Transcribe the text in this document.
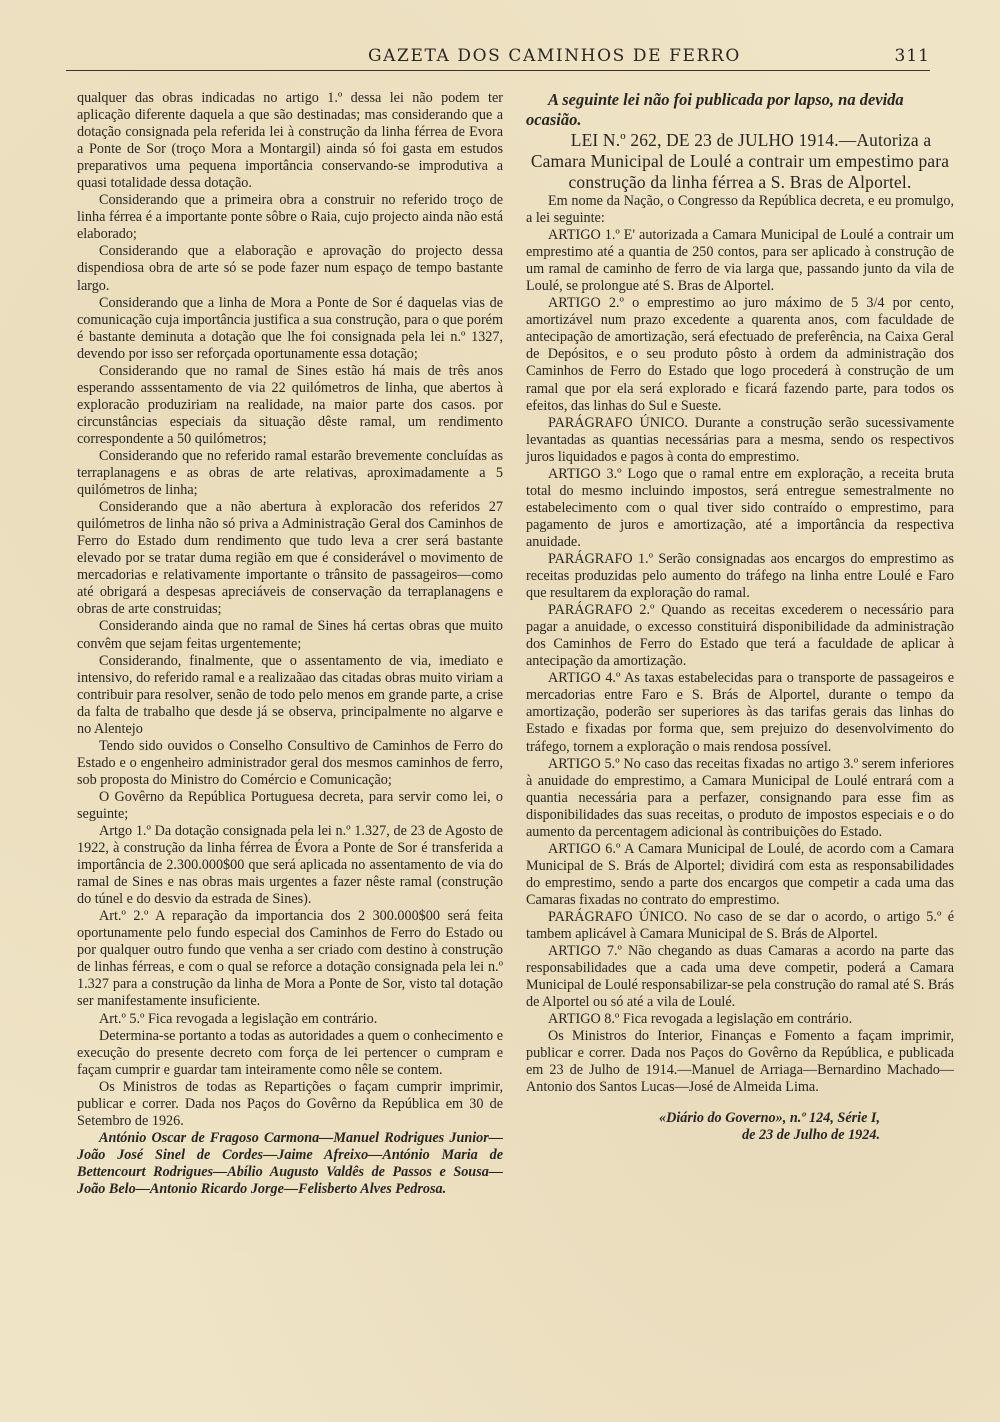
GAZETA DOS CAMINHOS DE FERRO	311

qualquer das obras indicadas no artigo 1.º dessa lei não podem ter aplicação diferente daquela a que são destinadas; mas considerando que a dotação consignada pela referida lei à construção da linha férrea de Evora a Ponte de Sor (troço Mora a Montargil) ainda só foi gasta em estudos preparativos uma pequena importância conservando-se improdutiva a quasi totalidade dessa dotação.

Considerando que a primeira obra a construir no referido troço de linha férrea é a importante ponte sôbre o Raia, cujo projecto ainda não está elaborado;

Considerando que a elaboração e aprovação do projecto dessa dispendiosa obra de arte só se pode fazer num espaço de tempo bastante largo.

Considerando que a linha de Mora a Ponte de Sor é daquelas vias de comunicação cuja importância justifica a sua construção, para o que porém é bastante deminuta a dotação que lhe foi consignada pela lei n.º 1327, devendo por isso ser reforçada oportunamente essa dotação;

Considerando que no ramal de Sines estão há mais de três anos esperando asssentamento de via 22 quilómetros de linha, que abertos à exploracão produziriam na realidade, na maior parte dos casos. por circunstâncias especiais da situação dêste ramal, um rendimento correspondente a 50 quilómetros;

Considerando que no referido ramal estarão brevemente concluídas as terraplanagens e as obras de arte relativas, aproximadamente a 5 quilómetros de linha;

Considerando que a não abertura à exploracão dos referidos 27 quilómetros de linha não só priva a Administração Geral dos Caminhos de Ferro do Estado dum rendimento que tudo leva a crer será bastante elevado por se tratar duma região em que é considerável o movimento de mercadorias e relativamente importante o trânsito de passageiros—como até obrigará a despesas apreciáveis de conservação da terraplanagens e obras de arte construidas;

Considerando ainda que no ramal de Sines há certas obras que muito convêm que sejam feitas urgentemente;

Considerando, finalmente, que o assentamento de via, imediato e intensivo, do referido ramal e a realizaãao das citadas obras muito viriam a contribuir para resolver, senão de todo pelo menos em grande parte, a crise da falta de trabalho que desde já se observa, principalmente no algarve e no Alentejo

Tendo sido ouvidos o Conselho Consultivo de Caminhos de Ferro do Estado e o engenheiro administrador geral dos mesmos caminhos de ferro, sob proposta do Ministro do Comércio e Comunicação;

O Govêrno da República Portuguesa decreta, para servir como lei, o seguinte;

Artgo 1.º Da dotação consignada pela lei n.º 1.327, de 23 de Agosto de 1922, à construção da linha férrea de Évora a Ponte de Sor é transferida a importância de 2.300.000$00 que será aplicada no assentamento de via do ramal de Sines e nas obras mais urgentes a fazer nêste ramal (construção do túnel e do desvio da estrada de Sines).

Art.º 2.º A reparação da importancia dos 2 300.000$00 será feita oportunamente pelo fundo especial dos Caminhos de Ferro do Estado ou por qualquer outro fundo que venha a ser criado com destino à construção de linhas férreas, e com o qual se reforce a dotação consignada pela lei n.º 1.327 para a construção da linha de Mora a Ponte de Sor, visto tal dotação ser manifestamente insuficiente.

Art.º 5.º Fica revogada a legislação em contrário.

Determina-se portanto a todas as autoridades a quem o conhecimento e execução do presente decreto com força de lei pertencer o cumpram e façam cumprir e guardar tam inteiramente como nêle se contem.

Os Ministros de todas as Repartições o façam cumprir imprimir, publicar e correr. Dada nos Paços do Govêrno da República em 30 de Setembro de 1926.

António Oscar de Fragoso Carmona—Manuel Rodrigues Junior—João José Sinel de Cordes—Jaime Afreixo—António Maria de Bettencourt Rodrigues—Abílio Augusto Valdês de Passos e Sousa—João Belo—Antonio Ricardo Jorge—Felisberto Alves Pedrosa.

A seguinte lei não foi publicada por lapso, na devida ocasião.

LEI N.º 262, DE 23 de JULHO 1914.—Autoriza a Camara Municipal de Loulé a contrair um empestimo para construção da linha férrea a S. Bras de Alportel.

Em nome da Nação, o Congresso da República decreta, e eu promulgo, a lei seguinte:

ARTIGO 1.º E' autorizada a Camara Municipal de Loulé a contrair um emprestimo até a quantia de 250 contos, para ser aplicado à construção de um ramal de caminho de ferro de via larga que, passando junto da vila de Loulé, se prolongue até S. Bras de Alportel.

ARTIGO 2.º o emprestimo ao juro máximo de 5 3/4 por cento, amortizável num prazo excedente a quarenta anos, com faculdade de antecipação de amortização, será efectuado de preferência, na Caixa Geral de Depósitos, e o seu produto pôsto à ordem da administração dos Caminhos de Ferro do Estado que logo procederá à construção de um ramal que por ela será explorado e ficará fazendo parte, para todos os efeitos, das linhas do Sul e Sueste.

PARÁGRAFO ÚNICO. Durante a construção serão sucessivamente levantadas as quantias necessárias para a mesma, sendo os respectivos juros liquidados e pagos à conta do emprestimo.

ARTIGO 3.º Logo que o ramal entre em exploração, a receita bruta total do mesmo incluindo impostos, será entregue semestralmente no estabelecimento com o qual tiver sido contraído o emprestimo, para pagamento de juros e amortização, até a importância da respectiva anuidade.

PARÁGRAFO 1.º Serão consignadas aos encargos do emprestimo as receitas produzidas pelo aumento do tráfego na linha entre Loulé e Faro que resultarem da exploração do ramal.

PARÁGRAFO 2.º Quando as receitas excederem o necessário para pagar a anuidade, o excesso constituirá disponibilidade da administração dos Caminhos de Ferro do Estado que terá a faculdade de aplicar à antecipação da amortização.

ARTIGO 4.º As taxas estabelecidas para o transporte de passageiros e mercadorias entre Faro e S. Brás de Alportel, durante o tempo da amortização, poderão ser superiores às das tarifas gerais das linhas do Estado e fixadas por forma que, sem prejuizo do desenvolvimento do tráfego, tornem a exploração o mais rendosa possível.

ARTIGO 5.º No caso das receitas fixadas no artigo 3.º serem inferiores à anuidade do emprestimo, a Camara Municipal de Loulé entrará com a quantia necessária para a perfazer, consignando para esse fim as disponibilidades das suas receitas, o produto de impostos especiais e o do aumento da percentagem adicional às contribuições do Estado.

ARTIGO 6.º A Camara Municipal de Loulé, de acordo com a Camara Municipal de S. Brás de Alportel; dividirá com esta as responsabilidades do emprestimo, sendo a parte dos encargos que competir a cada uma das Camaras fixadas no contrato do emprestimo.

PARÁGRAFO ÚNICO. No caso de se dar o acordo, o artigo 5.º é tambem aplicável à Camara Municipal de S. Brás de Alportel.

ARTIGO 7.º Não chegando as duas Camaras a acordo na parte das responsabilidades que a cada uma deve competir, poderá a Camara Municipal de Loulé responsabilizar-se pela construção do ramal até S. Brás de Alportel ou só até a vila de Loulé.

ARTIGO 8.º Fica revogada a legislação em contrário.

Os Ministros do Interior, Finanças e Fomento a façam imprimir, publicar e correr. Dada nos Paços do Govêrno da República, e publicada em 23 de Julho de 1914.—Manuel de Arriaga—Bernardino Machado—Antonio dos Santos Lucas—José de Almeida Lima.

«Diário do Governo», n.º 124, Série I,
de 23 de Julho de 1924.
